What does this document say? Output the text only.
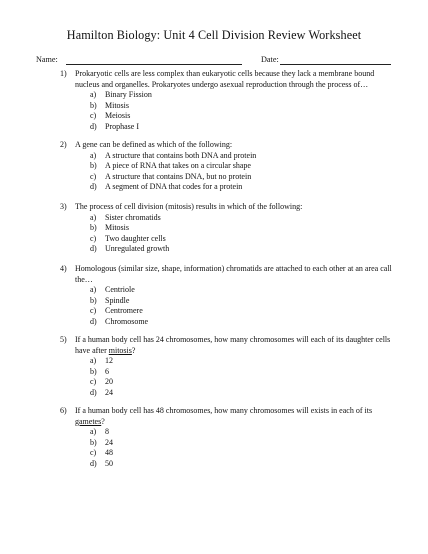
Hamilton Biology: Unit 4 Cell Division Review Worksheet
Name:	Date:
1) Prokaryotic cells are less complex than eukaryotic cells because they lack a membrane bound nucleus and organelles. Prokaryotes undergo asexual reproduction through the process of…
a) Binary Fission
b) Mitosis
c) Meiosis
d) Prophase I
2) A gene can be defined as which of the following:
a) A structure that contains both DNA and protein
b) A piece of RNA that takes on a circular shape
c) A structure that contains DNA, but no protein
d) A segment of DNA that codes for a protein
3) The process of cell division (mitosis) results in which of the following:
a) Sister chromatids
b) Mitosis
c) Two daughter cells
d) Unregulated growth
4) Homologous (similar size, shape, information) chromatids are attached to each other at an area call the…
a) Centriole
b) Spindle
c) Centromere
d) Chromosome
5) If a human body cell has 24 chromosomes, how many chromosomes will each of its daughter cells have after mitosis?
a) 12
b) 6
c) 20
d) 24
6) If a human body cell has 48 chromosomes, how many chromosomes will exists in each of its gametes?
a) 8
b) 24
c) 48
d) 50
